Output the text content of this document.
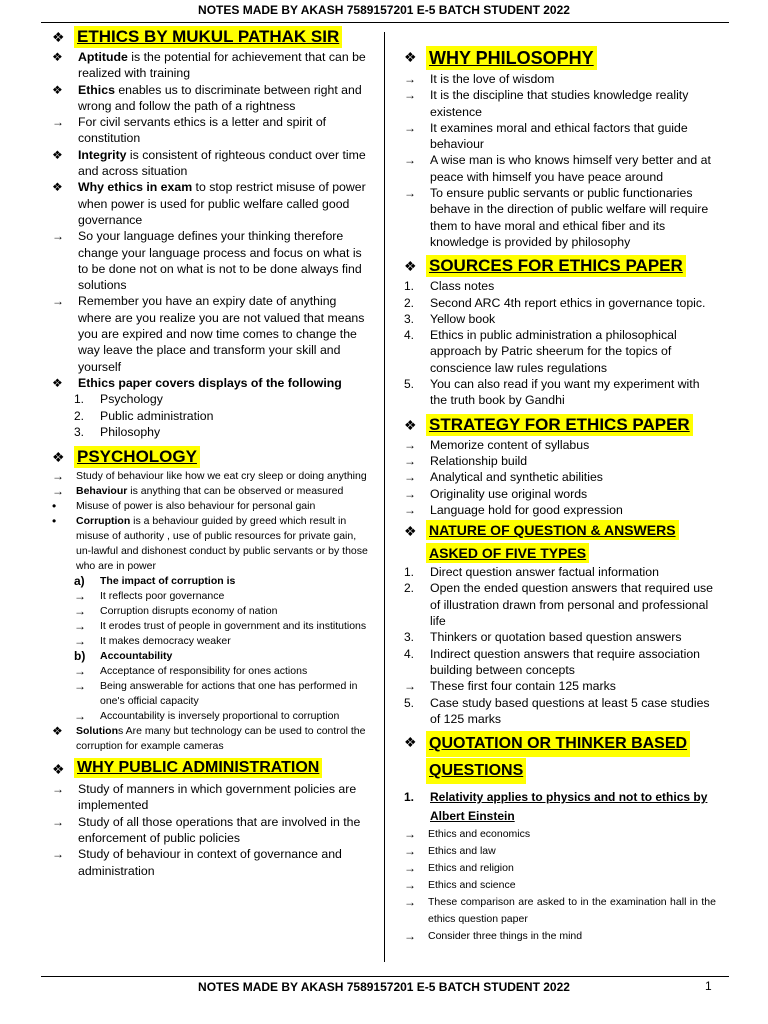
NOTES MADE BY AKASH 7589157201 E-5 BATCH STUDENT 2022
❖ ETHICS BY MUKUL PATHAK SIR
❖	Aptitude is the potential for achievement that can be realized with training
❖	Ethics enables us to discriminate between right and wrong and follow the path of a rightness
→	For civil servants ethics is a letter and spirit of constitution
❖	Integrity is consistent of righteous conduct over time and across situation
❖	Why ethics in exam to stop restrict misuse of power when power is used for public welfare called good governance
→	So your language defines your thinking therefore change your language process and focus on what is to be done not on what is not to be done always find solutions
→	Remember you have an expiry date of anything where are you realize you are not valued that means you are expired and now time comes to change the way leave the place and transform your skill and yourself
❖	Ethics paper covers displays of the following
1.	Psychology
2.	Public administration
3.	Philosophy
❖ PSYCHOLOGY
→	Study of behaviour like how we eat cry sleep or doing anything
→	Behaviour is anything that can be observed or measured
•	Misuse of power is also behaviour for personal gain
•	Corruption is a behaviour guided by greed which result in misuse of authority , use of public resources for private gain, un-lawful and dishonest conduct by public servants or by those who are in power
a)	The impact of corruption is
→	It reflects poor governance
→	Corruption disrupts economy of nation
→	It erodes trust of people in government and its institutions
→	It makes democracy weaker
b)	Accountability
→	Acceptance of responsibility for ones actions
→	Being answerable for actions that one has performed in one's official capacity
→	Accountability is inversely proportional to corruption
❖	Solutions Are many but technology can be used to control the corruption for example cameras
❖ WHY PUBLIC ADMINISTRATION
→	Study of manners in which government policies are implemented
→	Study of all those operations that are involved in the enforcement of public policies
→	Study of behaviour in context of governance and administration
❖ WHY PHILOSOPHY
→	It is the love of wisdom
→	It is the discipline that studies knowledge reality existence
→	It examines moral and ethical factors that guide behaviour
→	A wise man is who knows himself very better and at peace with himself you have peace around
→	To ensure public servants or public functionaries behave in the direction of public welfare will require them to have moral and ethical fiber and its knowledge is provided by philosophy
❖ SOURCES FOR ETHICS PAPER
1.	Class notes
2.	Second ARC 4th report ethics in governance topic.
3.	Yellow book
4.	Ethics in public administration a philosophical approach by Patric sheerum for the topics of conscience law rules regulations
5.	You can also read if you want my experiment with the truth book by Gandhi
❖ STRATEGY FOR ETHICS PAPER
→	Memorize content of syllabus
→	Relationship build
→	Analytical and synthetic abilities
→	Originality use original words
→	Language hold for good expression
❖ NATURE OF QUESTION & ANSWERS
ASKED OF FIVE TYPES
1.	Direct question answer factual information
2.	Open the ended question answers that required use of illustration drawn from personal and professional life
3.	Thinkers or quotation based question answers
4.	Indirect question answers that require association building between concepts
→	These first four contain 125 marks
5.	Case study based questions at least 5 case studies of 125 marks
❖ QUOTATION OR THINKER BASED
QUESTIONS
1.	Relativity applies to physics and not to ethics by Albert Einstein
→	Ethics and economics
→	Ethics and law
→	Ethics and religion
→	Ethics and science
→	These comparison are asked to in the examination hall in the ethics question paper
→	Consider three things in the mind
NOTES MADE BY AKASH 7589157201 E-5 BATCH STUDENT 2022	1
